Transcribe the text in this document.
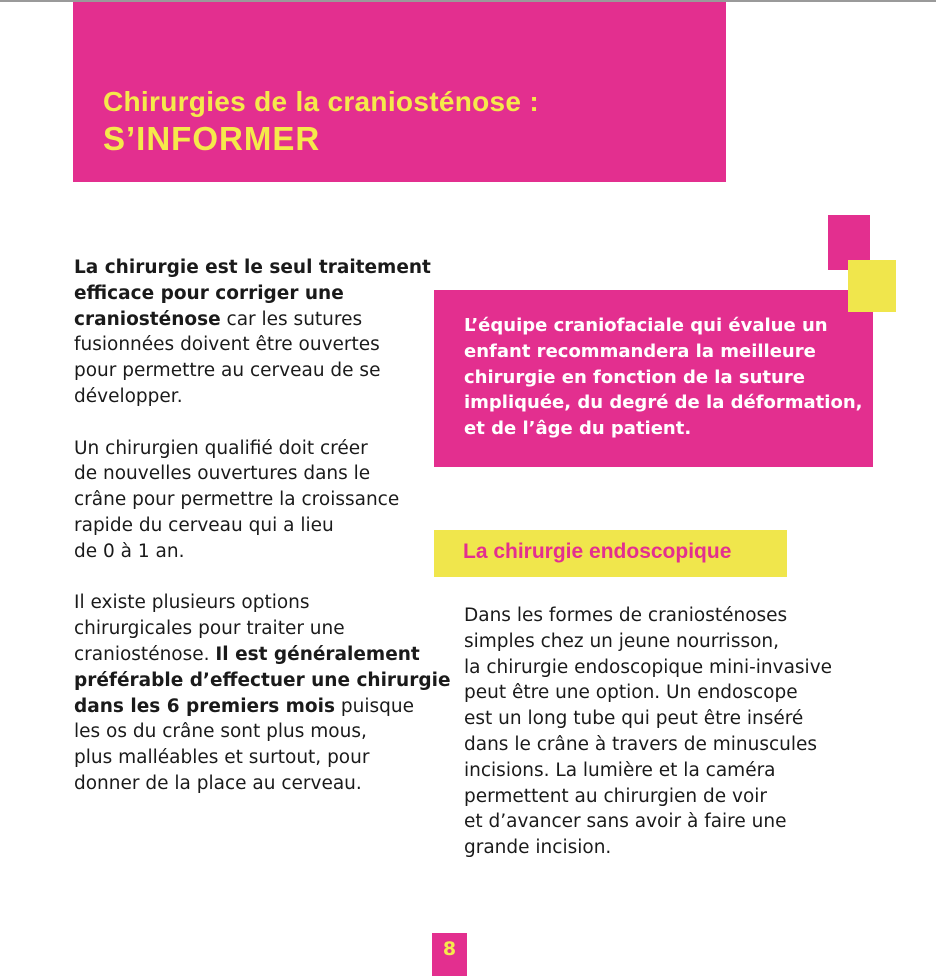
Chirurgies de la craniosténose :
S’INFORMER

La chirurgie est le seul traitement
efficace pour corriger une
craniosténose car les sutures
fusionnées doivent être ouvertes
pour permettre au cerveau de se
développer.

Un chirurgien qualifié doit créer
de nouvelles ouvertures dans le
crâne pour permettre la croissance
rapide du cerveau qui a lieu
de 0 à 1 an.

Il existe plusieurs options
chirurgicales pour traiter une
craniosténose. Il est généralement
préférable d’effectuer une chirurgie
dans les 6 premiers mois puisque
les os du crâne sont plus mous,
plus malléables et surtout, pour
donner de la place au cerveau.

L’équipe craniofaciale qui évalue un
enfant recommandera la meilleure
chirurgie en fonction de la suture
impliquée, du degré de la déformation,
et de l’âge du patient.
La chirurgie endoscopique
Dans les formes de craniosténoses
simples chez un jeune nourrisson,
la chirurgie endoscopique mini-invasive
peut être une option. Un endoscope
est un long tube qui peut être inséré
dans le crâne à travers de minuscules
incisions. La lumière et la caméra
permettent au chirurgien de voir
et d’avancer sans avoir à faire une
grande incision.
8
